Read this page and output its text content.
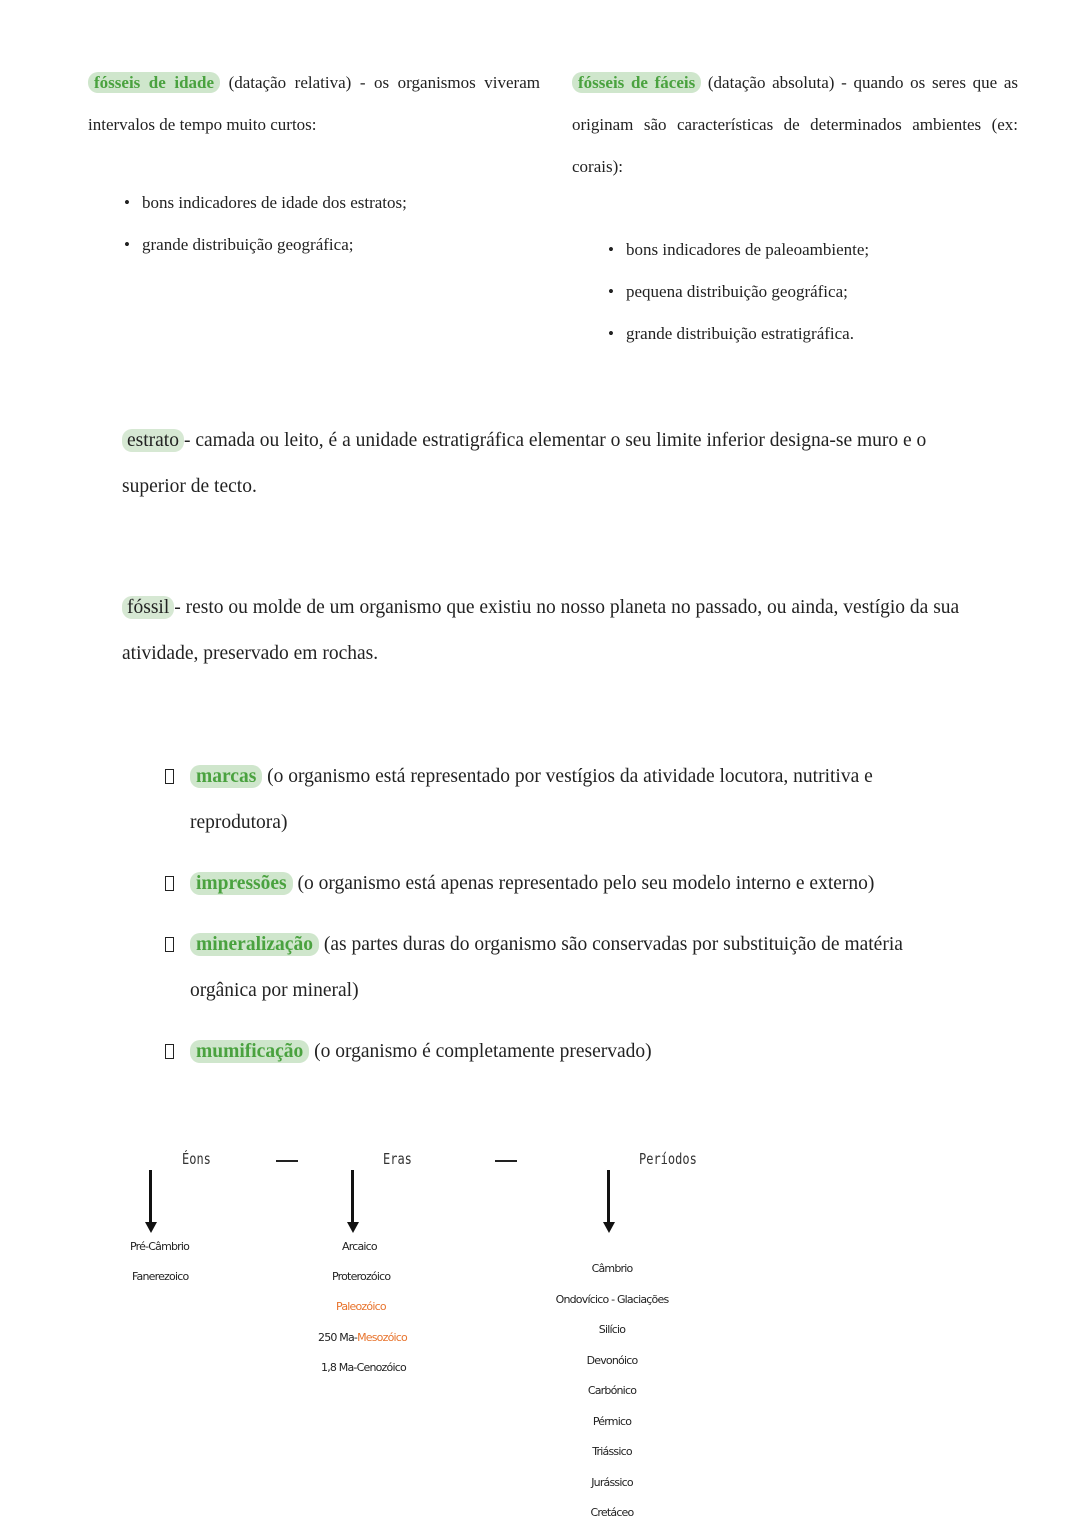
fósseis de idade (datação relativa) - os organismos viveram intervalos de tempo muito curtos:

• bons indicadores de idade dos estratos;
• grande distribuição geográfica;

fósseis de fáceis (datação absoluta) - quando os seres que as originam são características de determinados ambientes (ex: corais):

• bons indicadores de paleoambiente;
• pequena distribuição geográfica;
• grande distribuição estratigráfica.
estrato - camada ou leito, é a unidade estratigráfica elementar o seu limite inferior designa-se muro e o superior de tecto.
fóssil - resto ou molde de um organismo que existiu no nosso planeta no passado, ou ainda, vestígio da sua atividade, preservado em rochas.
marcas (o organismo está representado por vestígios da atividade locutora, nutritiva e reprodutora)
impressões (o organismo está apenas representado pelo seu modelo interno e externo)
mineralização (as partes duras do organismo são conservadas por substituição de matéria orgânica por mineral)
mumificação (o organismo é completamente preservado)
Éons	Eras	Períodos
Pré-Câmbrio
Fanerezoico
Arcaico
Proterozóico
Paleozóico
250 Ma-Mesozóico
1,8 Ma-Cenozóico
Câmbrio
Ondovícico - Glaciações
Silício
Devonóico
Carbónico
Pérmico
Triássico
Jurássico
Cretáceo
